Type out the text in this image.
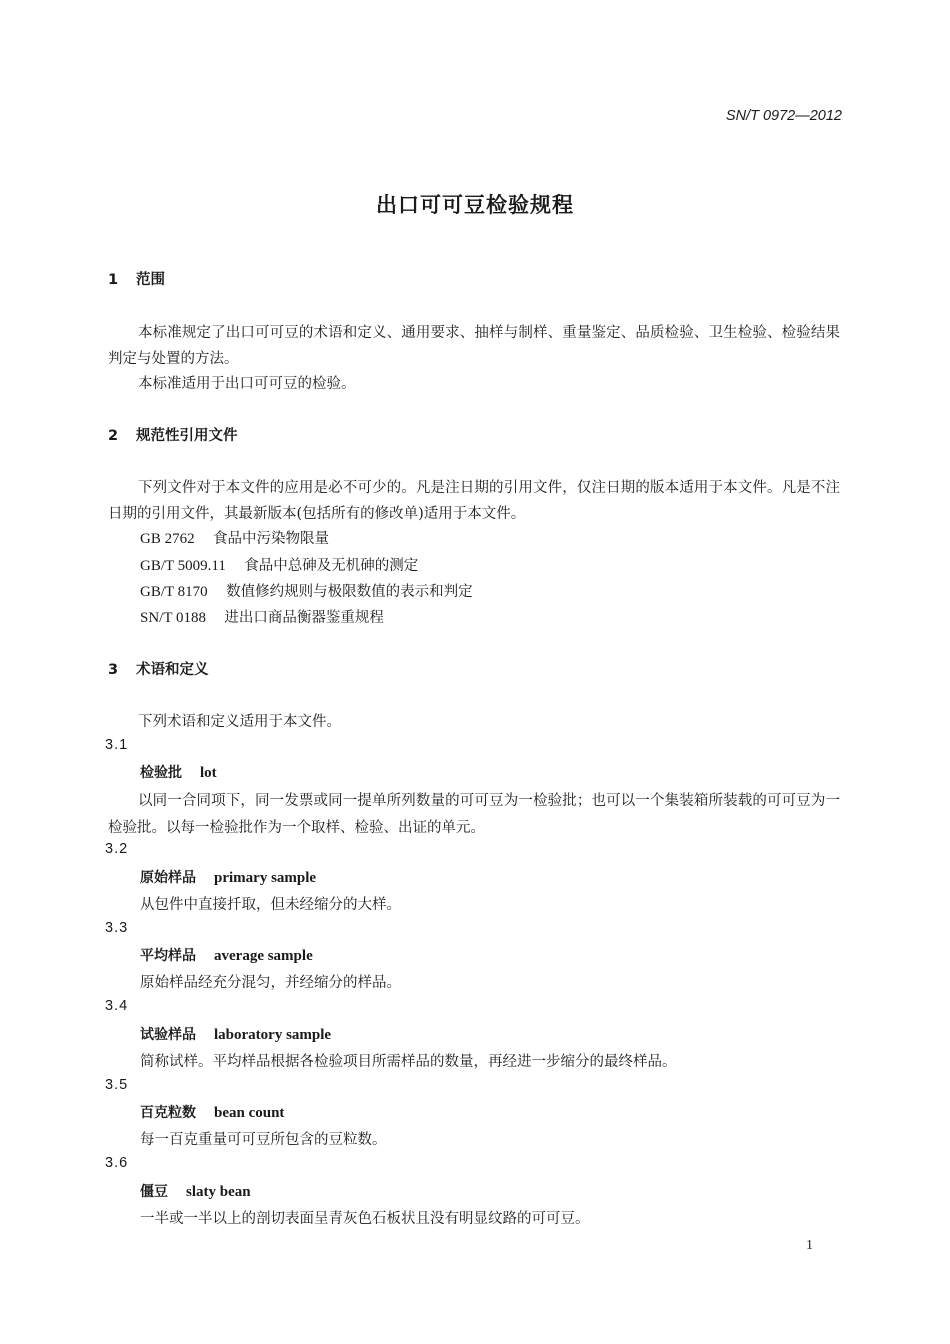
SN/T 0972—2012
出口可可豆检验规程
1 范围
本标准规定了出口可可豆的术语和定义、通用要求、抽样与制样、重量鉴定、品质检验、卫生检验、检验结果判定与处置的方法。
本标准适用于出口可可豆的检验。
2 规范性引用文件
下列文件对于本文件的应用是必不可少的。凡是注日期的引用文件，仅注日期的版本适用于本文件。凡是不注日期的引用文件，其最新版本(包括所有的修改单)适用于本文件。
GB 2762 食品中污染物限量
GB/T 5009.11 食品中总砷及无机砷的测定
GB/T 8170 数值修约规则与极限数值的表示和判定
SN/T 0188 进出口商品衡器鉴重规程
3 术语和定义
下列术语和定义适用于本文件。
3.1
检验批 lot
以同一合同项下，同一发票或同一提单所列数量的可可豆为一检验批；也可以一个集装箱所装载的可可豆为一检验批。以每一检验批作为一个取样、检验、出证的单元。
3.2
原始样品 primary sample
从包件中直接扦取，但未经缩分的大样。
3.3
平均样品 average sample
原始样品经充分混匀，并经缩分的样品。
3.4
试验样品 laboratory sample
简称试样。平均样品根据各检验项目所需样品的数量，再经进一步缩分的最终样品。
3.5
百克粒数 bean count
每一百克重量可可豆所包含的豆粒数。
3.6
僵豆 slaty bean
一半或一半以上的剖切表面呈青灰色石板状且没有明显纹路的可可豆。
1
